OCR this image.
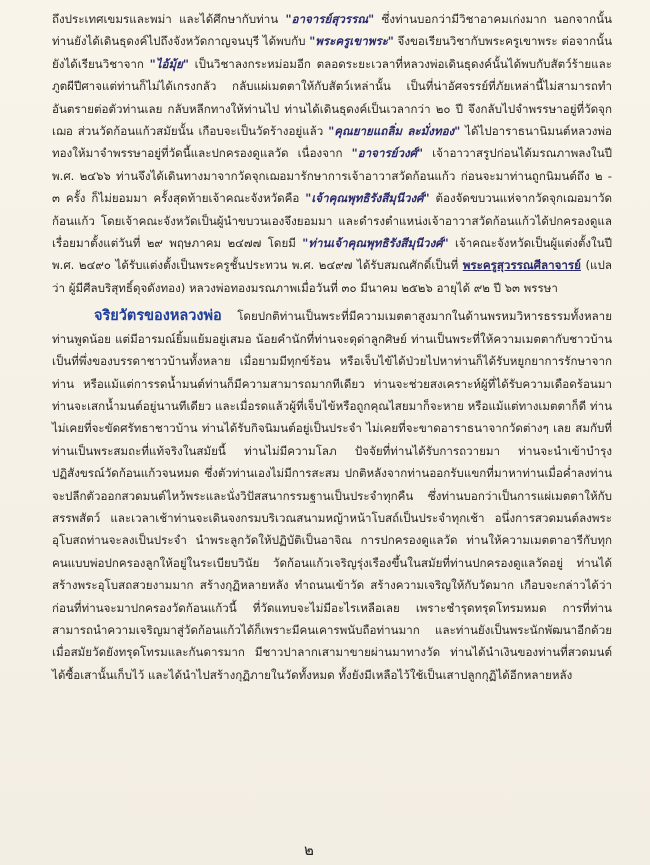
ถึงประเทศเขมรและพม่า และได้ศึกษากับท่าน "อาจารย์สุวรรณ" ซึ่งท่านบอกว่ามีวิชาอาคมเก่งมาก นอกจากนั้น ท่านยังได้เดินธุดงค์ไปถึงจังหวัดกาญจนบุรี ได้พบกับ "พระครูเขาพระ" จึงขอเรียนวิชากับพระครูเขาพระ ต่อจากนั้นยังได้เรียนวิชาจาก "ไอ้มุ้ย" เป็นวิชาลงกระหม่อมอีก ตลอดระยะเวลาที่หลวงพ่อเดินธุดงค์นั้นได้พบกับสัตว์ร้ายและภูตผีปีศาจแต่ท่านก็ไม่ได้เกรงกลัว กลับแผ่เมตตาให้กับสัตว์เหล่านั้น เป็นที่น่าอัศจรรย์ที่ภัยเหล่านี้ไม่สามารถทำอันตรายต่อตัวท่านเลย กลับหลีกทางให้ท่านไป ท่านได้เดินธุดงค์เป็นเวลากว่า ๒๐ ปี จึงกลับไปจำพรรษาอยู่ที่วัดจุกเฌอ ส่วนวัดก้อนแก้วสมัยนั้น เกือบจะเป็นวัดร้างอยู่แล้ว "คุณยายแถลิ่ม ละมั่งทอง" ได้ไปอาราธนานิมนต์หลวงพ่อทองให้มาจำพรรษาอยู่ที่วัดนี้และปกครองดูแลวัด เนื่องจาก "อาจารย์วงศ์" เจ้าอาวาสรูปก่อนได้มรณภาพลงในปี พ.ศ. ๒๔๖๖ ท่านจึงได้เดินทางมาจากวัดจุกเฌอมารักษาการเจ้าอาวาสวัดก้อนแก้ว ก่อนจะมาท่านถูกนิมนต์ถึง ๒ - ๓ ครั้ง ก็ไม่ยอมมา ครั้งสุดท้ายเจ้าคณะจังหวัดคือ "เจ้าคุณพุทธิรังสีมุนีวงศ์" ต้องจัดขบวนแห่จากวัดจุกเฌอมาวัดก้อนแก้ว โดยเจ้าคณะจังหวัดเป็นผู้นำขบวนเองจึงยอมมา และดำรงตำแหน่งเจ้าอาวาสวัดก้อนแก้วได้ปกครองดูแลเรื่อยมาตั้งแต่วันที่ ๒๙ พฤษภาคม ๒๔๗๗ โดยมี "ท่านเจ้าคุณพุทธิรังสีมุนีวงศ์" เจ้าคณะจังหวัดเป็นผู้แต่งตั้งในปี พ.ศ. ๒๔๙๐ ได้รับแต่งตั้งเป็นพระครูชั้นประทวน พ.ศ. ๒๔๙๗ ได้รับสมณศักดิ์เป็นที่ พระครูสุวรรณศีลาจารย์ (แปลว่า ผู้มีศีลบริสุทธิ์ดุจดังทอง) หลวงพ่อทองมรณภาพเมื่อวันที่ ๓๐ มีนาคม ๒๕๒๖ อายุได้ ๙๒ ปี ๖๓ พรรษา

จริยวัตรของหลวงพ่อ โดยปกติท่านเป็นพระที่มีความเมตตาสูงมากในด้านพรหมวิหารธรรมทั้งหลาย ท่านพูดน้อย แต่มีอารมณ์ยิ้มแย้มอยู่เสมอ น้อยคำนักที่ท่านจะดุด่าลูกศิษย์ ท่านเป็นพระที่ให้ความเมตตากับชาวบ้าน เป็นที่พึ่งของบรรดาชาวบ้านทั้งหลาย เมื่อยามมีทุกข์ร้อน หรือเจ็บไข้ได้ป่วยไปหาท่านก็ได้รับหยูกยาการรักษาจากท่าน หรือแม้แต่การรดน้ำมนต์ท่านก็มีความสามารถมากทีเดียว ท่านจะช่วยสงเคราะห์ผู้ที่ได้รับความเดือดร้อนมา ท่านจะเสกน้ำมนต์อยู่นานทีเดียว และเมื่อรดแล้วผู้ที่เจ็บไข้หรือถูกคุณไสยมาก็จะหาย หรือแม้แต่ทางเมตตาก็ดี ท่านไม่เคยที่จะขัดศรัทธาชาวบ้าน ท่านได้รับกิจนิมนต์อยู่เป็นประจำ ไม่เคยที่จะขาดอาราธนาจากวัดต่างๆ เลย สมกับที่ท่านเป็นพระสมถะที่แท้จริงในสมัยนี้ ท่านไม่มีความโลภ ปัจจัยที่ท่านได้รับการถวายมา ท่านจะนำเข้าบำรุงปฏิสังขรณ์วัดก้อนแก้วจนหมด ซึ่งตัวท่านเองไม่มีการสะสม ปกติหลังจากท่านออกรับแขกที่มาหาท่านเมื่อค่ำลงท่านจะปลีกตัวออกสวดมนต์ไหว้พระและนั่งวิปัสสนากรรมฐานเป็นประจำทุกคืน ซึ่งท่านบอกว่าเป็นการแผ่เมตตาให้กับสรรพสัตว์ และเวลาเช้าท่านจะเดินจงกรมบริเวณสนามหญ้าหน้าโบสถ์เป็นประจำทุกเช้า อนึ่งการสวดมนต์ลงพระอุโบสถท่านจะลงเป็นประจำ นำพระลูกวัดให้ปฏิบัติเป็นอาจิณ การปกครองดูแลวัด ท่านให้ความเมตตาอารีกับทุกคนแบบพ่อปกครองลูกให้อยู่ในระเบียบวินัย วัดก้อนแก้วเจริญรุ่งเรืองขึ้นในสมัยที่ท่านปกครองดูแลวัดอยู่ ท่านได้สร้างพระอุโบสถสวยงามมาก สร้างกุฏิหลายหลัง ทำถนนเข้าวัด สร้างความเจริญให้กับวัดมาก เกือบจะกล่าวได้ว่าก่อนที่ท่านจะมาปกครองวัดก้อนแก้วนี้ ที่วัดแทบจะไม่มีอะไรเหลือเลย เพราะชำรุดทรุดโทรมหมด การที่ท่านสามารถนำความเจริญมาสู่วัดก้อนแก้วได้ก็เพราะมีคนเคารพนับถือท่านมาก และท่านยังเป็นพระนักพัฒนาอีกด้วย เมื่อสมัยวัดยังทรุดโทรมและกันดารมาก มีชาวปาลากเสามาขายผ่านมาทางวัด ท่านได้นำเงินของท่านที่สวดมนต์ได้ซื้อเสานั้นเก็บไว้ และได้นำไปสร้างกุฏิภายในวัดทั้งหมด ทั้งยังมีเหลือไว้ใช้เป็นเสาปลูกกุฏิได้อีกหลายหลัง

๒
